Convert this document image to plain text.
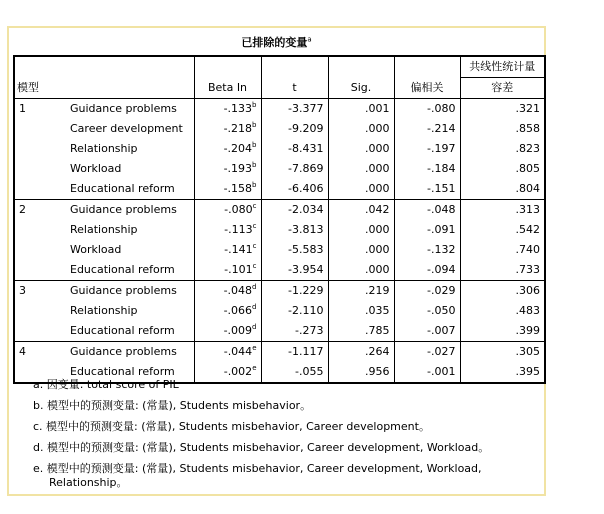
已排除的变量$^a$
						共线性统计量
模型		Beta In	t	Sig.	偏相关	容差
1	Guidance problems	-.133$^b$	-3.377	.001	-.080	.321
	Career development	-.218$^b$	-9.209	.000	-.214	.858
	Relationship	-.204$^b$	-8.431	.000	-.197	.823
	Workload	-.193$^b$	-7.869	.000	-.184	.805
	Educational reform	-.158$^b$	-6.406	.000	-.151	.804
2	Guidance problems	-.080$^c$	-2.034	.042	-.048	.313
	Relationship	-.113$^c$	-3.813	.000	-.091	.542
	Workload	-.141$^c$	-5.583	.000	-.132	.740
	Educational reform	-.101$^c$	-3.954	.000	-.094	.733
3	Guidance problems	-.048$^d$	-1.229	.219	-.029	.306
	Relationship	-.066$^d$	-2.110	.035	-.050	.483
	Educational reform	-.009$^d$	-.273	.785	-.007	.399
4	Guidance problems	-.044e	-1.117	.264	-.027	.305
	Educational reform	-.002e	-.055	.956	-.001	.395
a. 因变量: total score of PIL
b. 模型中的预测变量: (常量), Students misbehavior。
c. 模型中的预测变量: (常量), Students misbehavior, Career development。
d. 模型中的预测变量: (常量), Students misbehavior, Career development, Workload。
e. 模型中的预测变量: (常量), Students misbehavior, Career development, Workload, Relationship。
